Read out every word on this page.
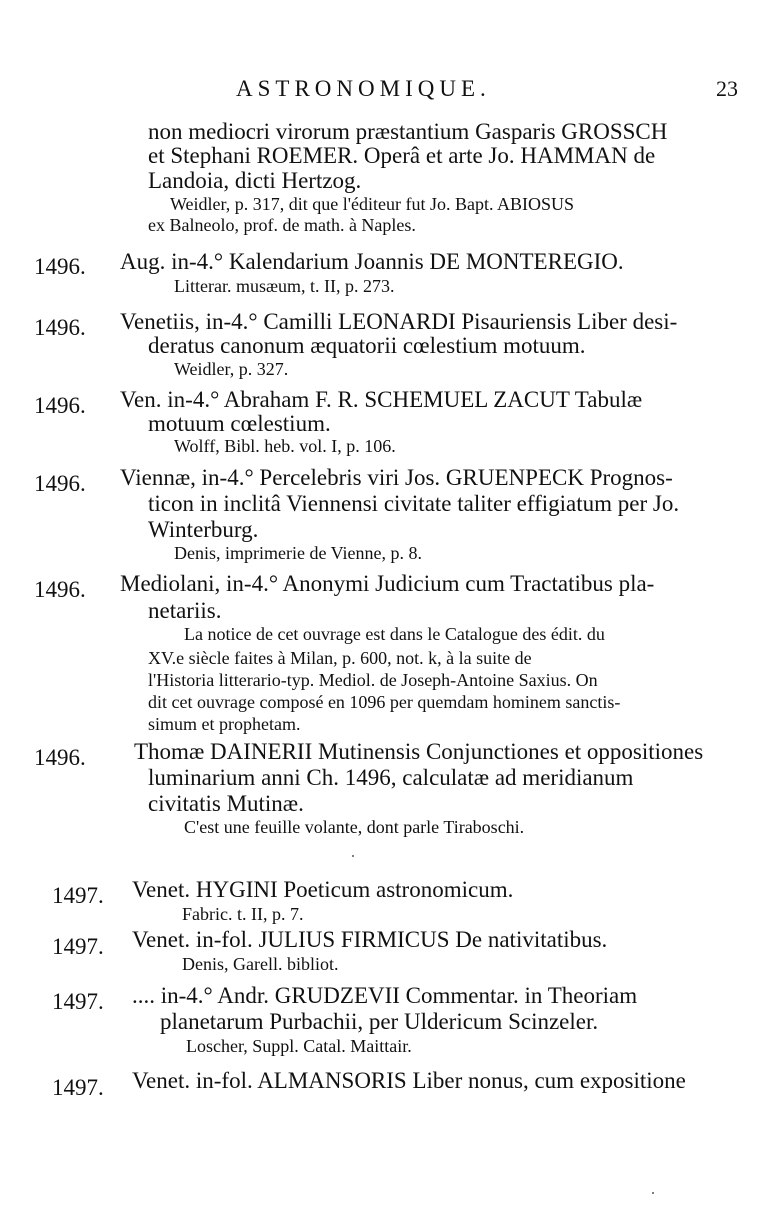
ASTRONOMIQUE.	23
non mediocri virorum præstantium Gasparis GROSSCH
et Stephani ROEMER. Operâ et arte Jo. HAMMAN de
Landoia, dicti Hertzog.
Weidler, p. 317, dit que l'éditeur fut Jo. Bapt. ABIOSUS
ex Balneolo, prof. de math. à Naples.
1496. Aug. in-4.° Kalendarium Joannis DE MONTEREGIO.
Litterar. musæum, t. II, p. 273.
1496. Venetiis, in-4.° Camilli LEONARDI Pisauriensis Liber desi-
deratus canonum æquatorii cœlestium motuum.
Weidler, p. 327.
1496. Ven. in-4.° Abraham F. R. SCHEMUEL ZACUT Tabulæ
motuum cœlestium.
Wolff, Bibl. heb. vol. I, p. 106.
1496. Viennæ, in-4.° Percelebris viri Jos. GRUENPECK Prognos-
ticon in inclitâ Viennensi civitate taliter effigiatum per Jo.
Winterburg.
Denis, imprimerie de Vienne, p. 8.
1496. Mediolani, in-4.° Anonymi Judicium cum Tractatibus pla-
netariis.
La notice de cet ouvrage est dans le Catalogue des édit. du
XV.e siècle faites à Milan, p. 600, not. k, à la suite de
l'Historia litterario-typ. Mediol. de Joseph-Antoine Saxius. On
dit cet ouvrage composé en 1096 per quemdam hominem sanctis-
simum et prophetam.
1496. Thomæ DAINERII Mutinensis Conjunctiones et oppositiones
luminarium anni Ch. 1496, calculatæ ad meridianum
civitatis Mutinæ.
C'est une feuille volante, dont parle Tiraboschi.
1497. Venet. HYGINI Poeticum astronomicum.
Fabric. t. II, p. 7.
1497. Venet. in-fol. JULIUS FIRMICUS De nativitatibus.
Denis, Garell. bibliot.
1497. .... in-4.° Andr. GRUDZEVII Commentar. in Theoriam
planetarum Purbachii, per Uldericum Scinzeler.
Loscher, Suppl. Catal. Maittair.
1497. Venet. in-fol. ALMANSORIS Liber nonus, cum expositione
